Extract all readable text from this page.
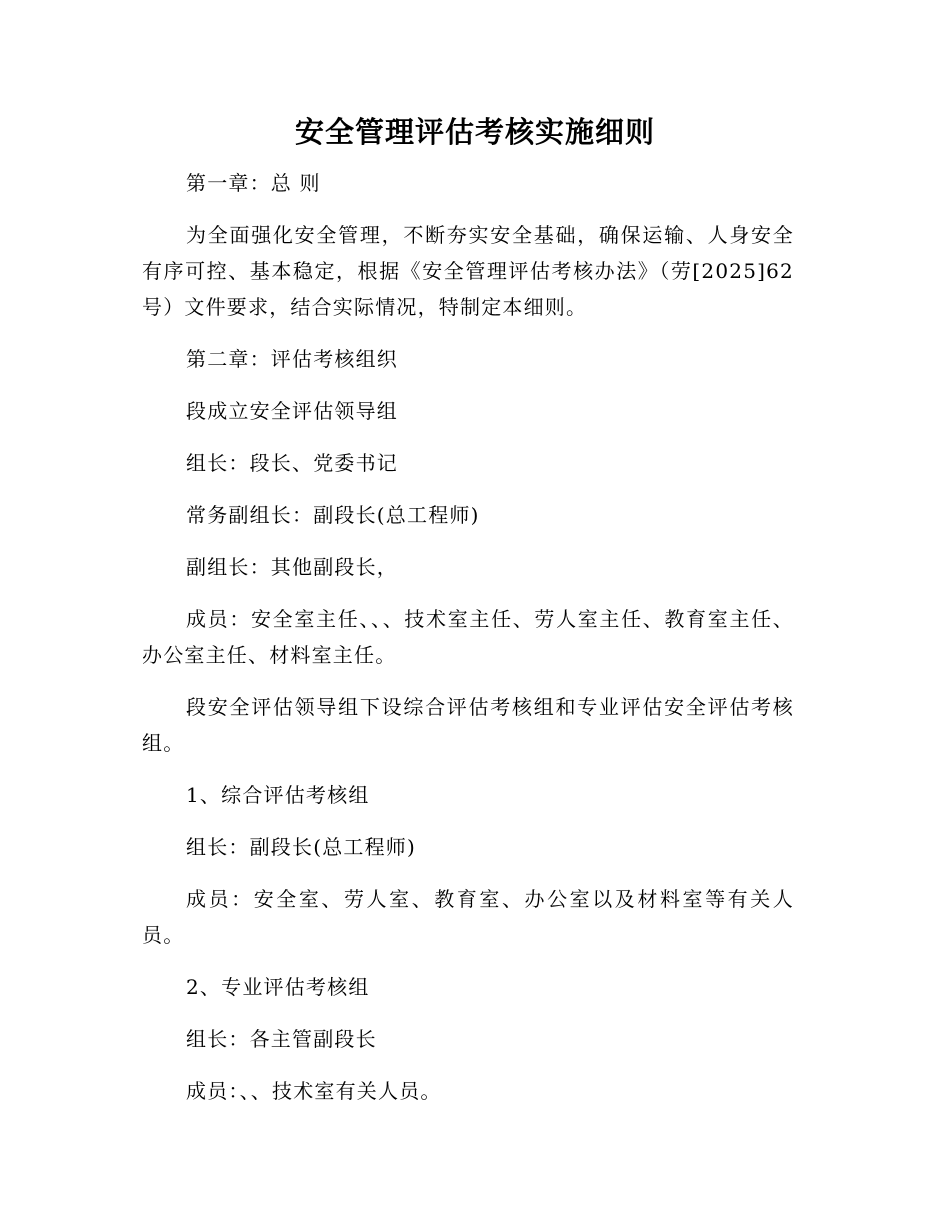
安全管理评估考核实施细则

第一章：总 则

为全面强化安全管理，不断夯实安全基础，确保运输、人身安全有序可控、基本稳定，根据《安全管理评估考核办法》（劳[2025]62号）文件要求，结合实际情况，特制定本细则。

第二章：评估考核组织

段成立安全评估领导组

组长：段长、党委书记

常务副组长：副段长(总工程师)

副组长：其他副段长，

成员：安全室主任、、、技术室主任、劳人室主任、教育室主任、办公室主任、材料室主任。

段安全评估领导组下设综合评估考核组和专业评估安全评估考核组。

1、综合评估考核组

组长：副段长(总工程师)

成员：安全室、劳人室、教育室、办公室以及材料室等有关人员。

2、专业评估考核组

组长：各主管副段长

成员：、、技术室有关人员。
